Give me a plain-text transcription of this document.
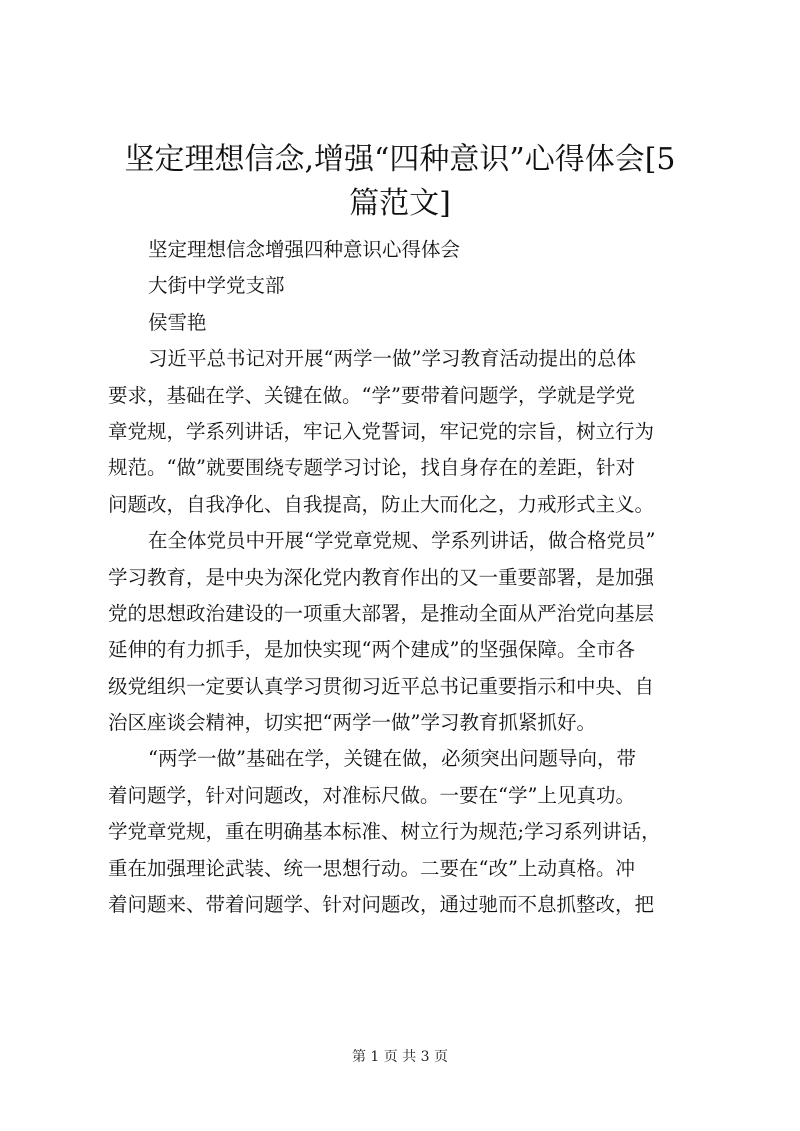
坚定理想信念,增强“四种意识”心得体会[5
篇范文]

坚定理想信念增强四种意识心得体会

大街中学党支部

侯雪艳

习近平总书记对开展“两学一做”学习教育活动提出的总体

要求，基础在学、关键在做。“学”要带着问题学，学就是学党

章党规，学系列讲话，牢记入党誓词，牢记党的宗旨，树立行为

规范。“做”就要围绕专题学习讨论，找自身存在的差距，针对

问题改，自我净化、自我提高，防止大而化之，力戒形式主义。

在全体党员中开展“学党章党规、学系列讲话，做合格党员”

学习教育，是中央为深化党内教育作出的又一重要部署，是加强

党的思想政治建设的一项重大部署，是推动全面从严治党向基层

延伸的有力抓手，是加快实现“两个建成”的坚强保障。全市各

级党组织一定要认真学习贯彻习近平总书记重要指示和中央、自

治区座谈会精神，切实把“两学一做”学习教育抓紧抓好。

“两学一做”基础在学，关键在做，必须突出问题导向，带

着问题学，针对问题改，对准标尺做。一要在“学”上见真功。

学党章党规，重在明确基本标准、树立行为规范;学习系列讲话，

重在加强理论武装、统一思想行动。二要在“改”上动真格。冲

着问题来、带着问题学、针对问题改，通过驰而不息抓整改，把

第 1 页 共 3 页
